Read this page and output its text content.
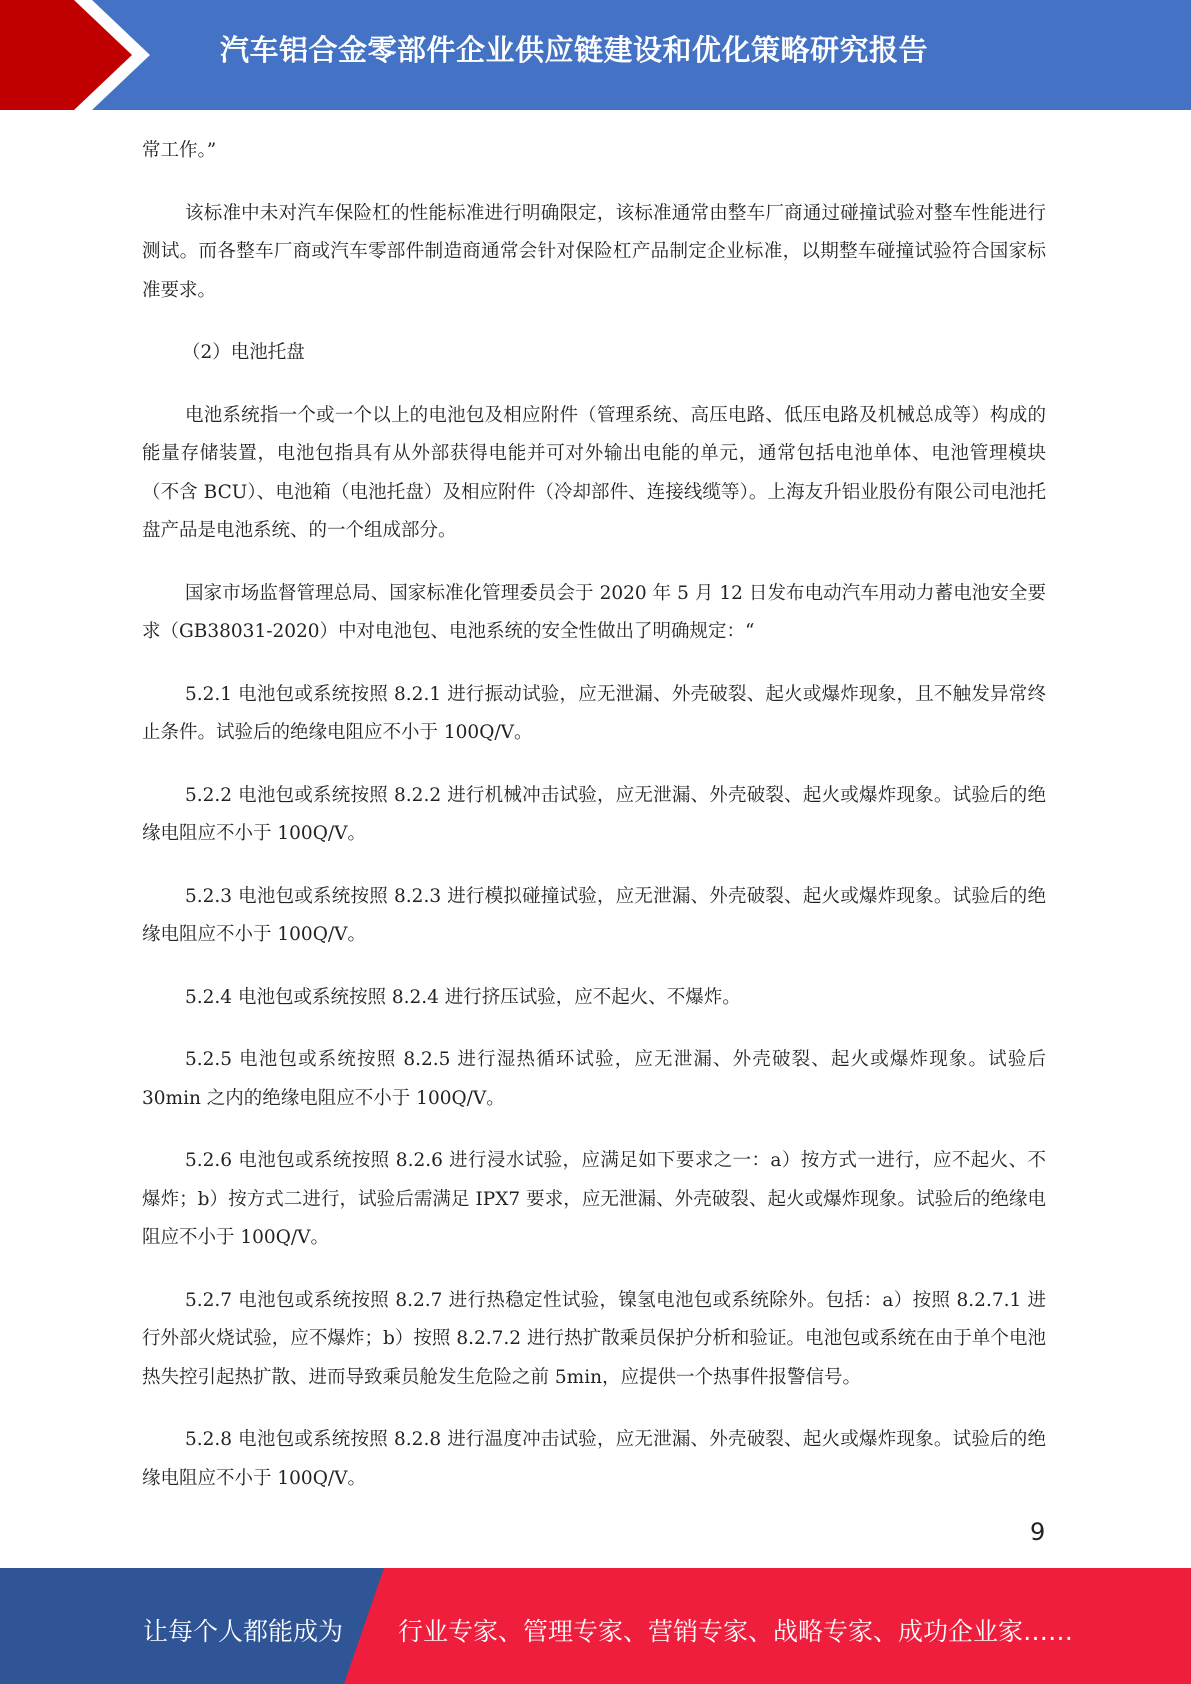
汽车铝合金零部件企业供应链建设和优化策略研究报告

常工作。”

该标准中未对汽车保险杠的性能标准进行明确限定，该标准通常由整车厂商通过碰撞试验对整车性能进行测试。而各整车厂商或汽车零部件制造商通常会针对保险杠产品制定企业标准，以期整车碰撞试验符合国家标准要求。

（2）电池托盘

电池系统指一个或一个以上的电池包及相应附件（管理系统、高压电路、低压电路及机械总成等）构成的能量存储装置，电池包指具有从外部获得电能并可对外输出电能的单元，通常包括电池单体、电池管理模块（不含 BCU）、电池箱（电池托盘）及相应附件（冷却部件、连接线缆等）。上海友升铝业股份有限公司电池托盘产品是电池系统、的一个组成部分。

国家市场监督管理总局、国家标准化管理委员会于 2020 年 5 月 12 日发布电动汽车用动力蓄电池安全要求（GB38031-2020）中对电池包、电池系统的安全性做出了明确规定：“

5.2.1 电池包或系统按照 8.2.1 进行振动试验，应无泄漏、外壳破裂、起火或爆炸现象，且不触发异常终止条件。试验后的绝缘电阻应不小于 100Q/V。

5.2.2 电池包或系统按照 8.2.2 进行机械冲击试验，应无泄漏、外壳破裂、起火或爆炸现象。试验后的绝缘电阻应不小于 100Q/V。

5.2.3 电池包或系统按照 8.2.3 进行模拟碰撞试验，应无泄漏、外壳破裂、起火或爆炸现象。试验后的绝缘电阻应不小于 100Q/V。

5.2.4 电池包或系统按照 8.2.4 进行挤压试验，应不起火、不爆炸。

5.2.5 电池包或系统按照 8.2.5 进行湿热循环试验，应无泄漏、外壳破裂、起火或爆炸现象。试验后 30min 之内的绝缘电阻应不小于 100Q/V。

5.2.6 电池包或系统按照 8.2.6 进行浸水试验，应满足如下要求之一：a）按方式一进行，应不起火、不爆炸；b）按方式二进行，试验后需满足 IPX7 要求，应无泄漏、外壳破裂、起火或爆炸现象。试验后的绝缘电阻应不小于 100Q/V。

5.2.7 电池包或系统按照 8.2.7 进行热稳定性试验，镍氢电池包或系统除外。包括：a）按照 8.2.7.1 进行外部火烧试验，应不爆炸；b）按照 8.2.7.2 进行热扩散乘员保护分析和验证。电池包或系统在由于单个电池热失控引起热扩散、进而导致乘员舱发生危险之前 5min，应提供一个热事件报警信号。

5.2.8 电池包或系统按照 8.2.8 进行温度冲击试验，应无泄漏、外壳破裂、起火或爆炸现象。试验后的绝缘电阻应不小于 100Q/V。

9
让每个人都能成为 行业专家、管理专家、营销专家、战略专家、成功企业家……
